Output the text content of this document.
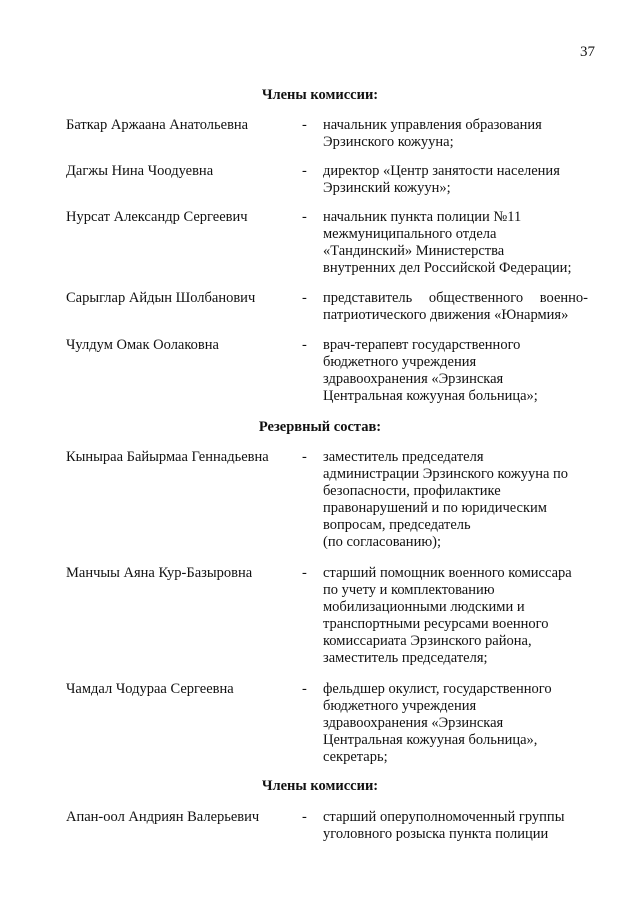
37
Члены комиссии:
Баткар Аржаана Анатольевна	- начальник управления образования
Эрзинского кожууна;
Дагжы Нина Чоодуевна	- директор «Центр занятости населения
Эрзинский кожуун»;
Нурсат Александр Сергеевич	- начальник пункта полиции №11
межмуниципального отдела
«Тандинский» Министерства
внутренних дел Российской Федерации;
Сарыглар Айдын Шолбанович	- представитель общественного военно-
патриотического движения «Юнармия»
Чулдум Омак Оолаковна	- врач-терапевт государственного
бюджетного учреждения
здравоохранения «Эрзинская
Центральная кожууная больница»;
Резервный состав:
Кыныраа Байырмаа Геннадьевна - заместитель председателя
администрации Эрзинского кожууна по
безопасности, профилактике
правонарушений и по юридическим
вопросам, председатель
(по согласованию);
Манчыы Аяна Кур-Базыровна	- старший помощник военного комиссара
по учету и комплектованию
мобилизационными людскими и
транспортными ресурсами военного
комиссариата Эрзинского района,
заместитель председателя;
Чамдал Чодураа Сергеевна	- фельдшер окулист, государственного
бюджетного учреждения
здравоохранения «Эрзинская
Центральная кожууная больница»,
секретарь;
Члены комиссии:
Апан-оол Андриян Валерьевич	- старший оперуполномоченный группы
уголовного розыска пункта полиции
